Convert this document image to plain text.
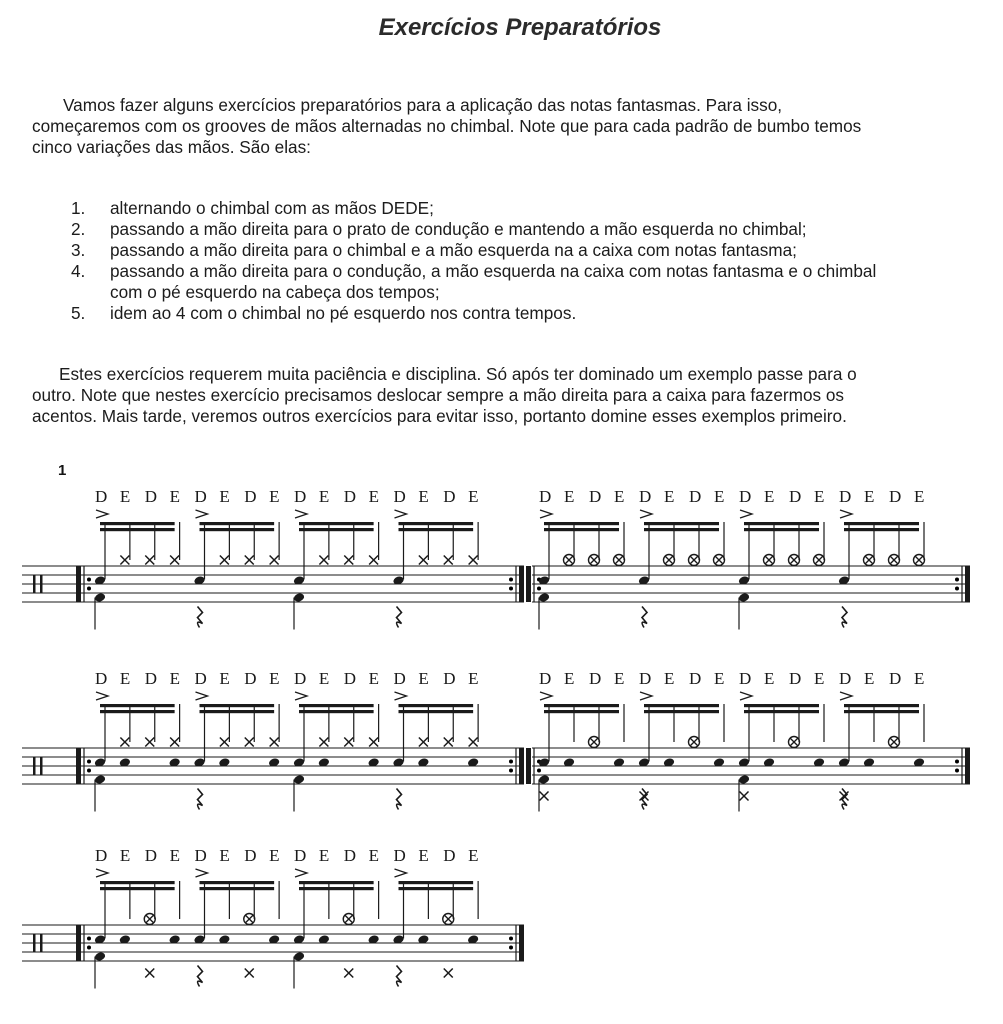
Exercícios Preparatórios

Vamos fazer alguns exercícios preparatórios para a aplicação das notas fantasmas. Para isso,
começaremos com os grooves de mãos alternadas no chimbal. Note que para cada padrão de bumbo temos
cinco variações das mãos. São elas:

1. alternando o chimbal com as mãos DEDE;
2. passando a mão direita para o prato de condução e mantendo a mão esquerda no chimbal;
3. passando a mão direita para o chimbal e a mão esquerda na a caixa com notas fantasma;
4. passando a mão direita para o condução, a mão esquerda na caixa com notas fantasma e o chimbal
com o pé esquerdo na cabeça dos tempos;
5. idem ao 4 com o chimbal no pé esquerdo nos contra tempos.

Estes exercícios requerem muita paciência e disciplina. Só após ter dominado um exemplo passe para o
outro. Note que nestes exercício precisamos deslocar sempre a mão direita para a caixa para fazermos os
acentos. Mais tarde, veremos outros exercícios para evitar isso, portanto domine esses exemplos primeiro.

1
D E D E D E D E D E D E D E D E	D E D E D E D E D E D E D E D E
D E D E D E D E D E D E D E D E	D E D E D E D E D E D E D E D E
D E D E D E D E D E D E D E D E
